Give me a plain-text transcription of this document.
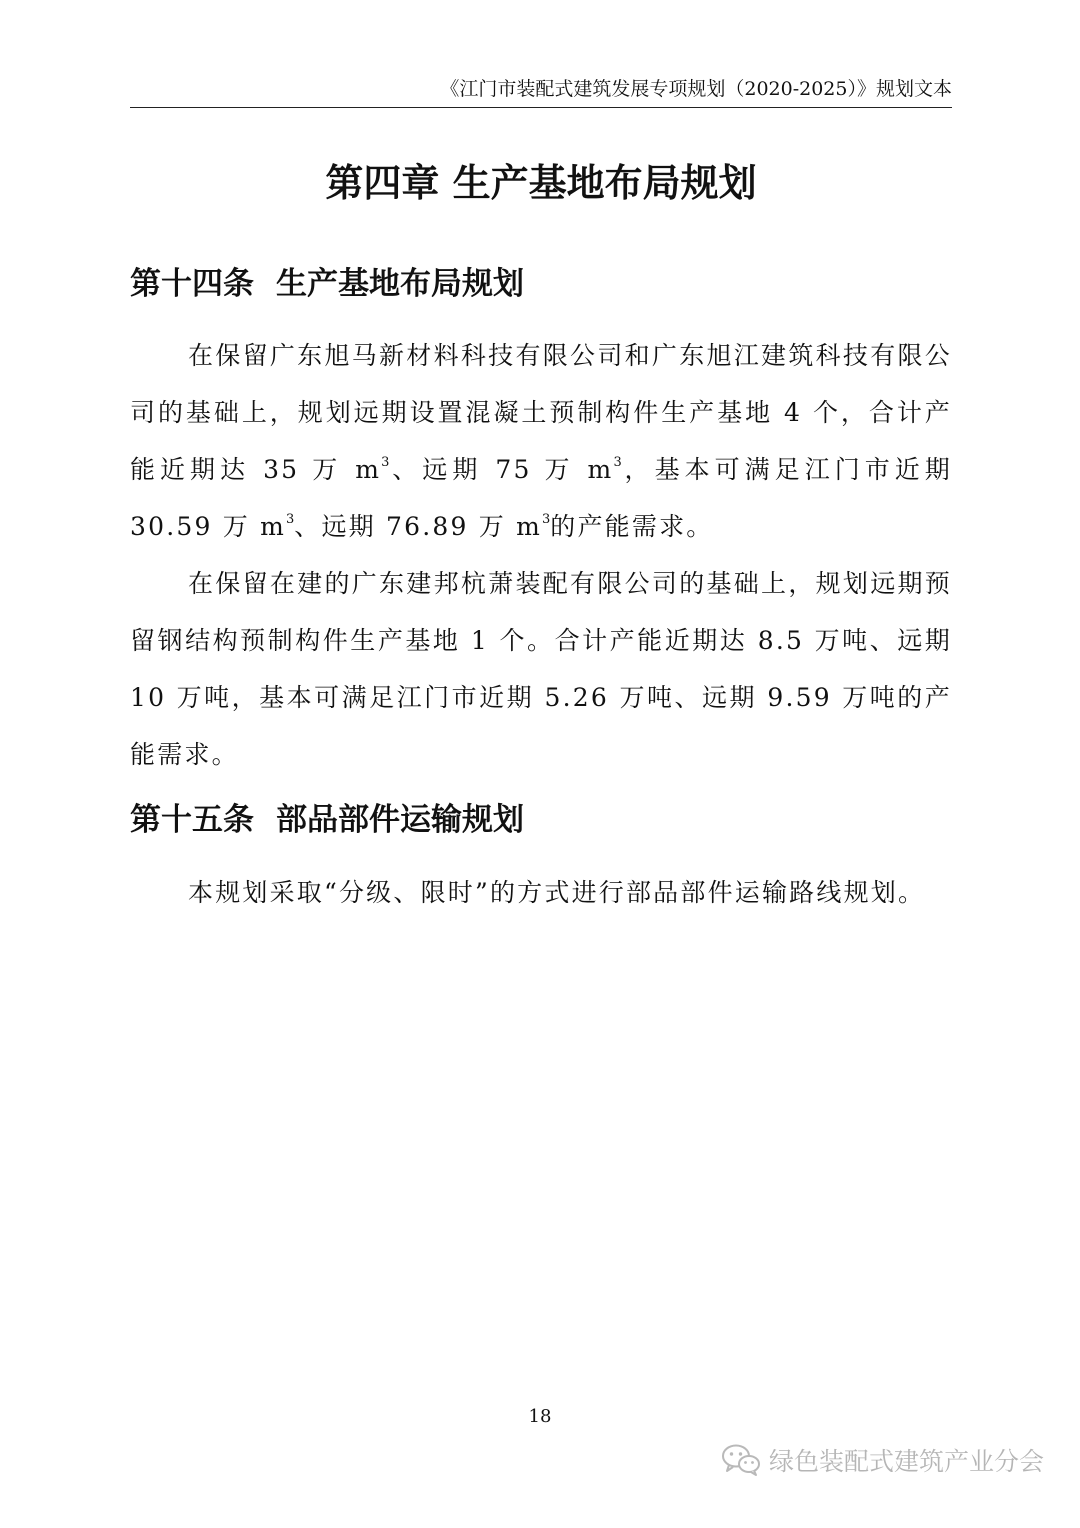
《江门市装配式建筑发展专项规划（2020-2025）》规划文本
第四章 生产基地布局规划
第十四条 生产基地布局规划
在保留广东旭马新材料科技有限公司和广东旭江建筑科技有限公司的基础上，规划远期设置混凝土预制构件生产基地 4 个，合计产能近期达 35 万 $m^3$、远期 75 万 $m^3$，基本可满足江门市近期 30.59 万 $m^3$、远期 76.89 万 $m^3$的产能需求。
在保留在建的广东建邦杭萧装配有限公司的基础上，规划远期预留钢结构预制构件生产基地 1 个。合计产能近期达 8.5 万吨、远期 10 万吨，基本可满足江门市近期 5.26 万吨、远期 9.59 万吨的产能需求。
第十五条 部品部件运输规划
本规划采取“分级、限时”的方式进行部品部件运输路线规划。
18
绿色装配式建筑产业分会
